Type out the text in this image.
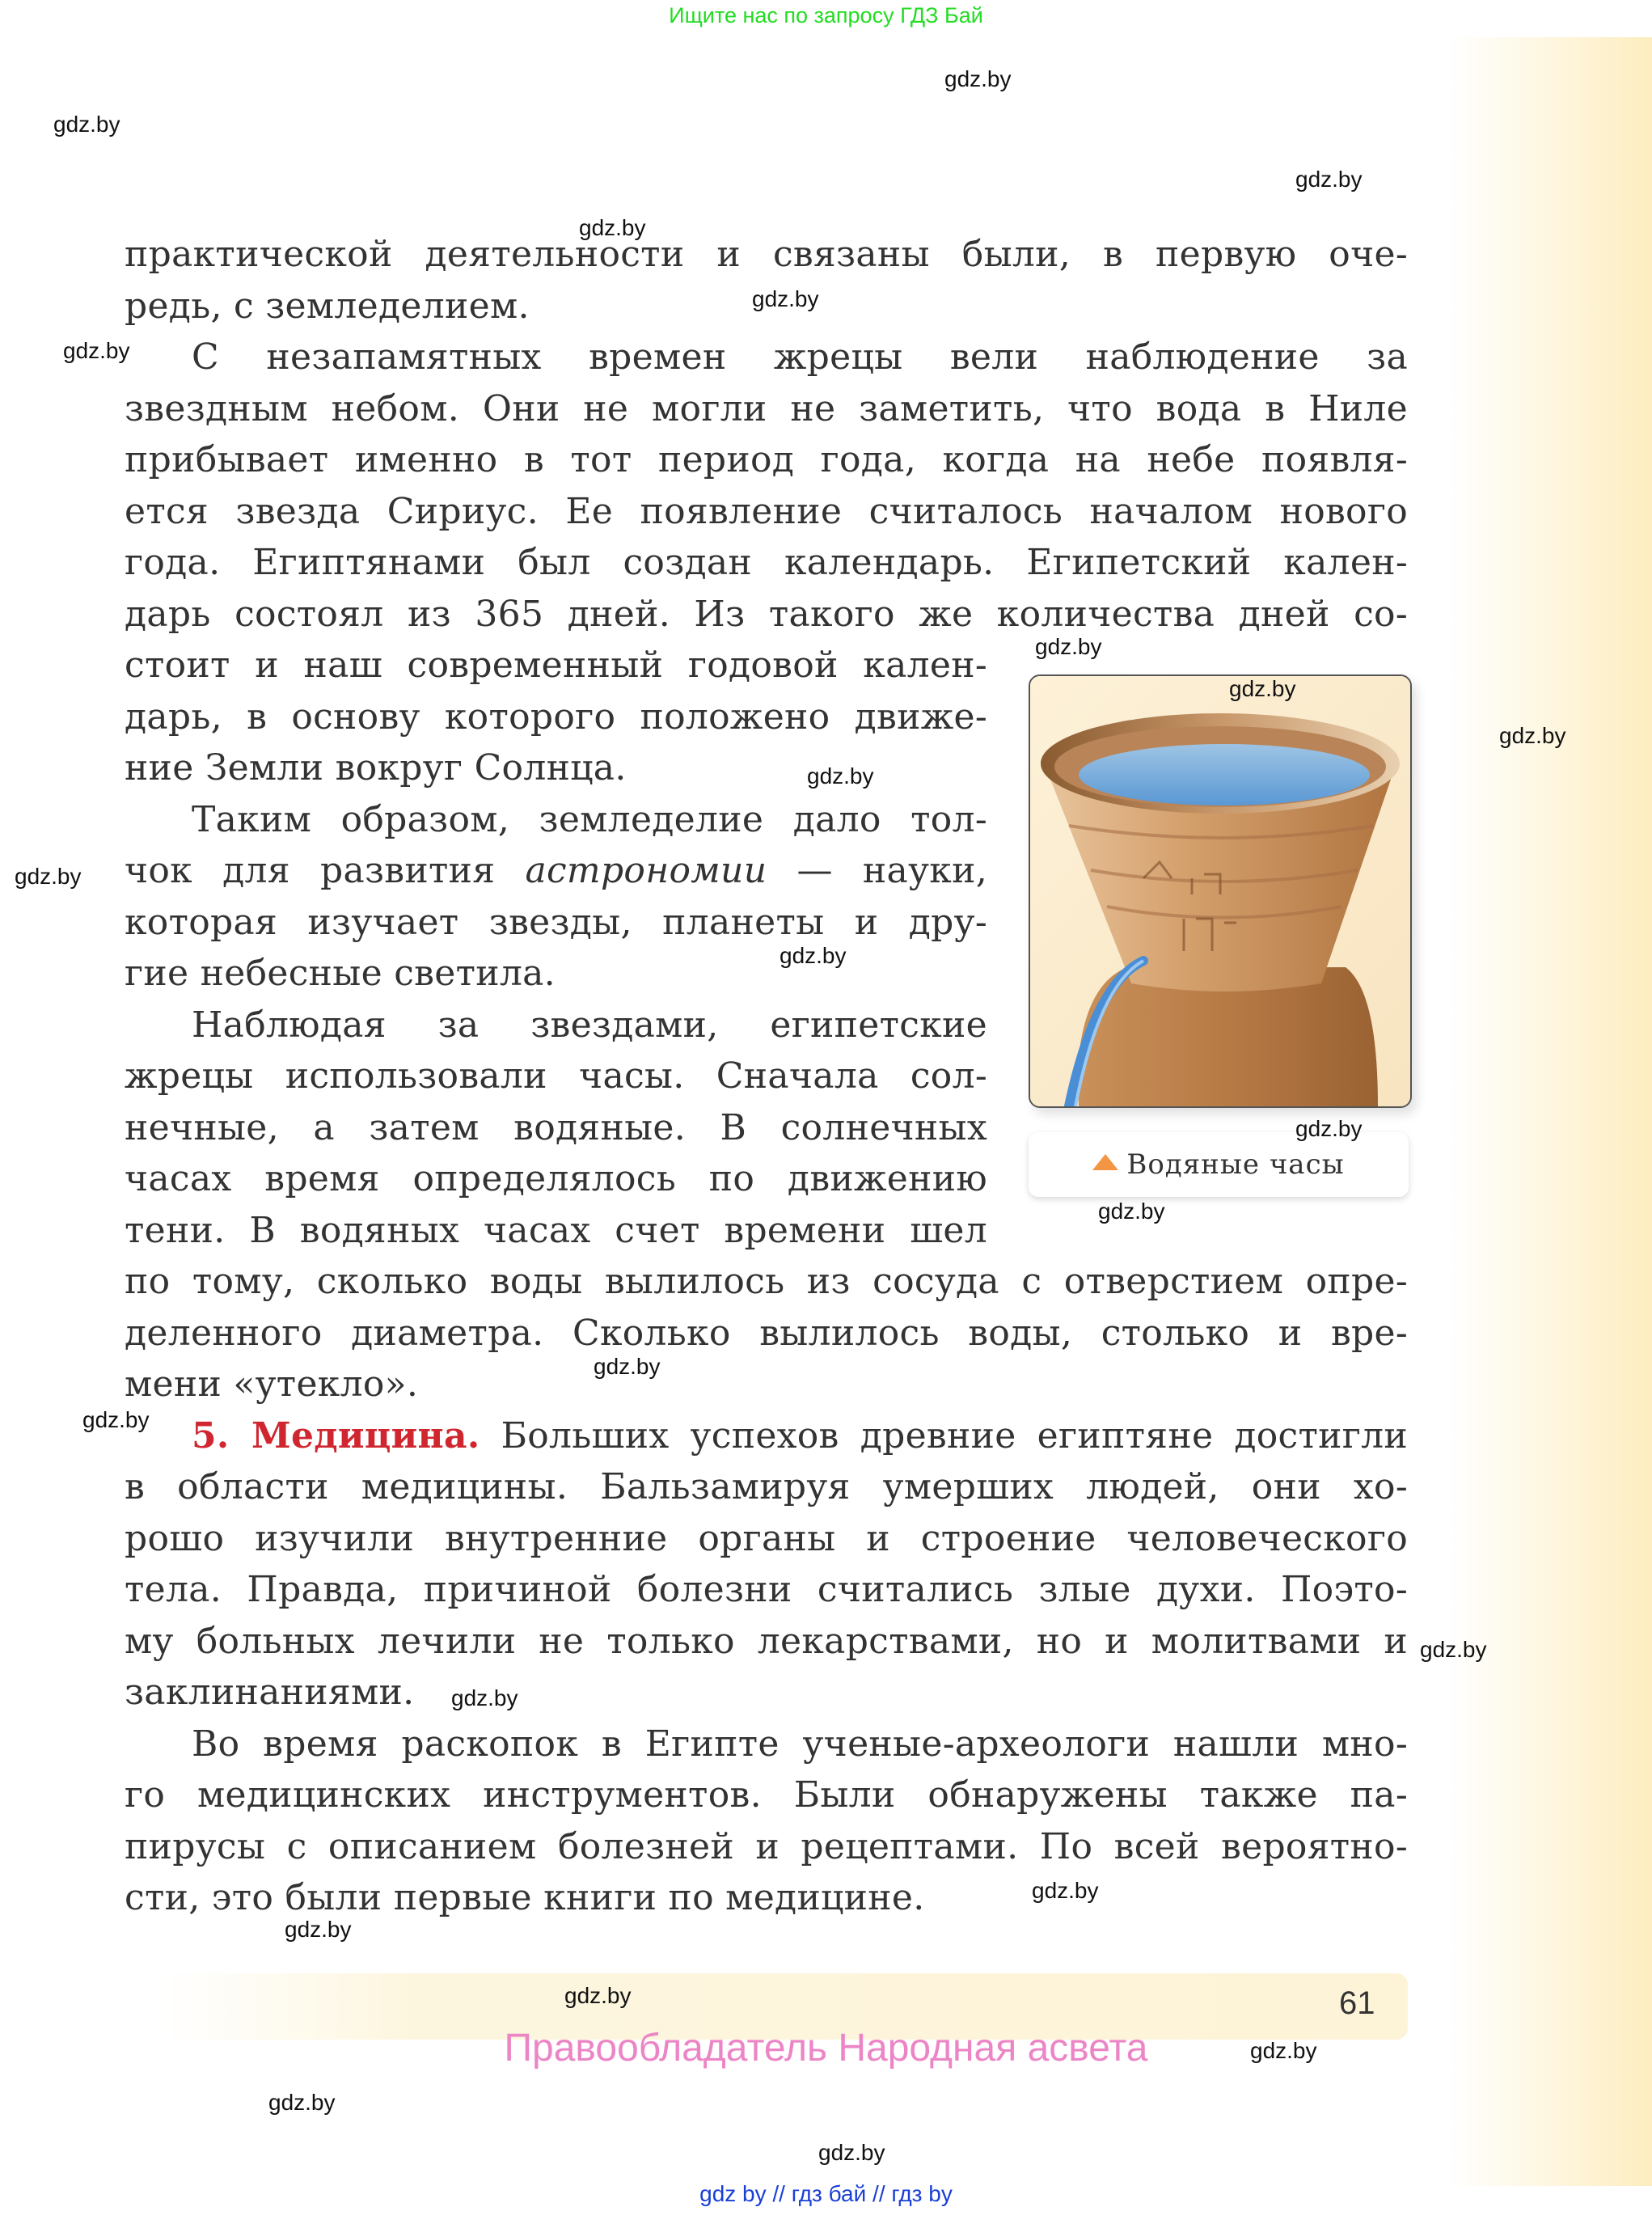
Ищите нас по запросу ГДЗ Бай
практической деятельности и связаны были, в первую оче-
редь, с земледелием.
С незапамятных времен жрецы вели наблюдение за
звездным небом. Они не могли не заметить, что вода в Ниле
прибывает именно в тот период года, когда на небе появля-
ется звезда Сириус. Ее появление считалось началом нового
года. Египтянами был создан календарь. Египетский кален-
дарь состоял из 365 дней. Из такого же количества дней со-
стоит и наш современный годовой кален-
дарь, в основу которого положено движе-
ние Земли вокруг Солнца.
Таким образом, земледелие дало тол-
чок для развития астрономии — науки,
которая изучает звезды, планеты и дру-
гие небесные светила.
Наблюдая за звездами, египетские
жрецы использовали часы. Сначала сол-
нечные, а затем водяные. В солнечных
часах время определялось по движению
тени. В водяных часах счет времени шел
по тому, сколько воды вылилось из сосуда с отверстием опре-
деленного диаметра. Сколько вылилось воды, столько и вре-
мени «утекло».
5. Медицина. Больших успехов древние египтяне достигли
в области медицины. Бальзамируя умерших людей, они хо-
рошо изучили внутренние органы и строение человеческого
тела. Правда, причиной болезни считались злые духи. Поэто-
му больных лечили не только лекарствами, но и молитвами и
заклинаниями.
Во время раскопок в Египте ученые-археологи нашли мно-
го медицинских инструментов. Были обнаружены также па-
пирусы с описанием болезней и рецептами. По всей вероятно-
сти, это были первые книги по медицине.
Водяные часы
61
Правообладатель Народная асвета
gdz by // гдз бай // гдз by
gdz.by
gdz.by
gdz.by
gdz.by
gdz.by
gdz.by
gdz.by
gdz.by
gdz.by
gdz.by
gdz.by
gdz.by
gdz.by
gdz.by
gdz.by
gdz.by
gdz.by
gdz.by
gdz.by
gdz.by
gdz.by
gdz.by
gdz.by
gdz.by
